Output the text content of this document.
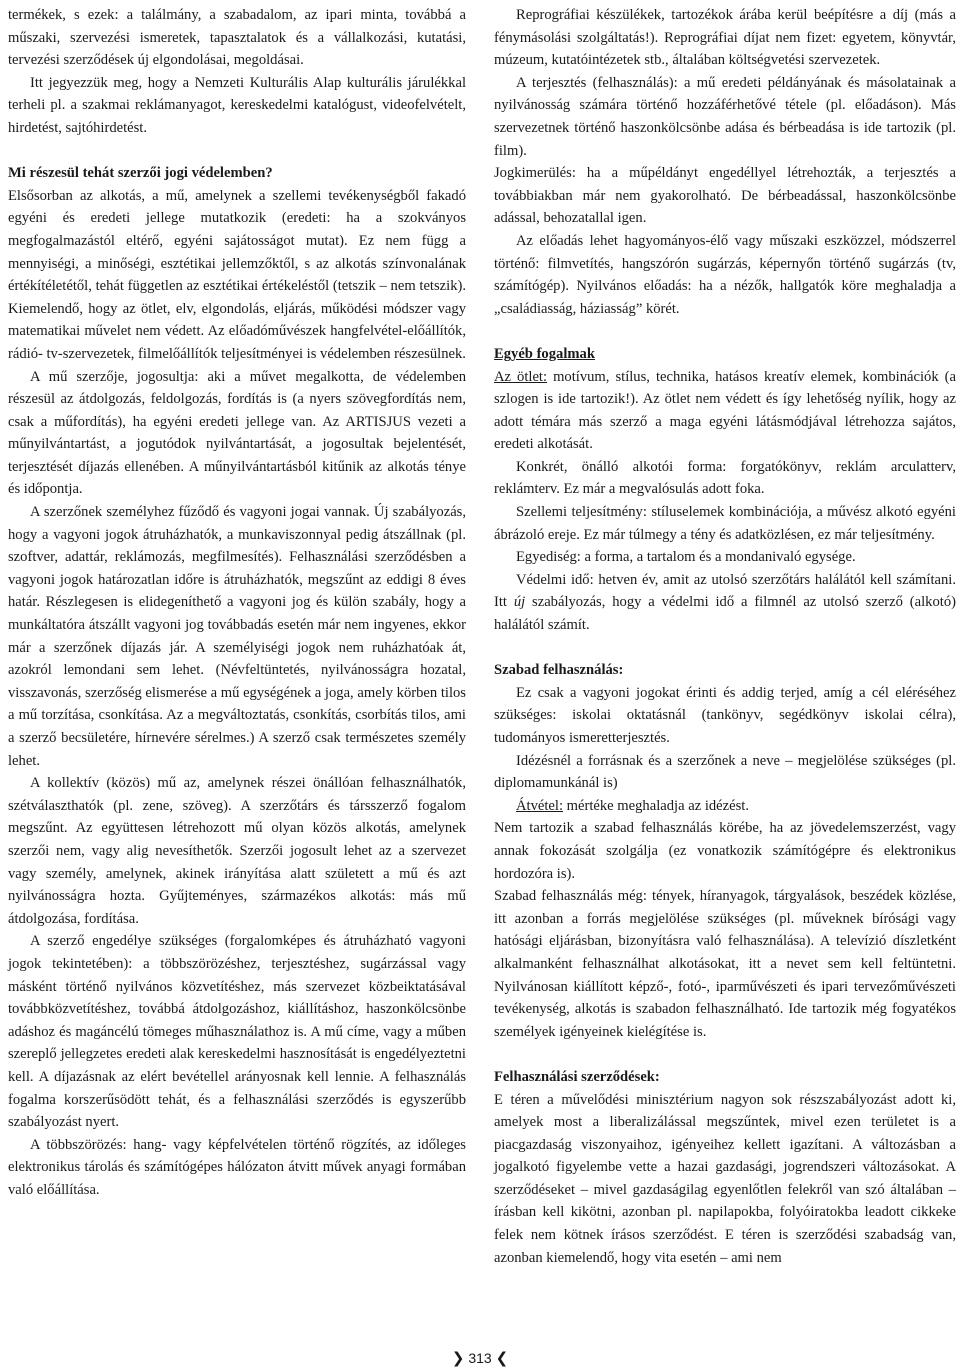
termékek, s ezek: a találmány, a szabadalom, az ipari minta, továbbá a műszaki, szervezési ismeretek, tapasztalatok és a vállalkozási, kutatási, tervezési szerződések új elgondolásai, megoldásai.

Itt jegyezzük meg, hogy a Nemzeti Kulturális Alap kulturális járulékkal terheli pl. a szakmai reklámanyagot, kereskedelmi katalógust, videofelvételt, hirdetést, sajtóhirdetést.

Mi részesül tehát szerzői jogi védelemben?

Elsősorban az alkotás, a mű, amelynek a szellemi tevékenységből fakadó egyéni és eredeti jellege mutatkozik (eredeti: ha a szokványos megfogalmazástól eltérő, egyéni sajátosságot mutat). Ez nem függ a mennyiségi, a minőségi, esztétikai jellemzőktől, s az alkotás színvonalának értékítéletétől, tehát független az esztétikai értékeléstől (tetszik – nem tetszik). Kiemelendő, hogy az ötlet, elv, elgondolás, eljárás, működési módszer vagy matematikai művelet nem védett. Az előadóművészek hangfelvétel-előállítók, rádió- tv-szervezetek, filmelőállítók teljesítményei is védelemben részesülnek.

A mű szerzője, jogosultja: aki a művet megalkotta, de védelemben részesül az átdolgozás, feldolgozás, fordítás is (a nyers szövegfordítás nem, csak a műfordítás), ha egyéni eredeti jellege van. Az ARTISJUS vezeti a műnyilvántartást, a jogutódok nyilvántartását, a jogosultak bejelentését, terjesztését díjazás ellenében. A műnyilvántartásból kitűnik az alkotás ténye és időpontja.

A szerzőnek személyhez fűződő és vagyoni jogai vannak. Új szabályozás, hogy a vagyoni jogok átruházhatók, a munkaviszonnyal pedig átszállnak (pl. szoftver, adattár, reklámozás, megfilmesítés). Felhasználási szerződésben a vagyoni jogok határozatlan időre is átruházhatók, megszűnt az eddigi 8 éves határ. Részlegesen is elidegeníthető a vagyoni jog és külön szabály, hogy a munkáltatóra átszállt vagyoni jog továbbadás esetén már nem ingyenes, ekkor már a szerzőnek díjazás jár. A személyiségi jogok nem ruházhatóak át, azokról lemondani sem lehet. (Névfeltüntetés, nyilvánosságra hozatal, visszavonás, szerzőség elismerése a mű egységének a joga, amely körben tilos a mű torzítása, csonkítása. Az a megváltoztatás, csonkítás, csorbítás tilos, ami a szerző becsületére, hírnevére sérelmes.) A szerző csak természetes személy lehet.

A kollektív (közös) mű az, amelynek részei önállóan felhasználhatók, szétválaszthatók (pl. zene, szöveg). A szerzőtárs és társszerző fogalom megszűnt. Az együttesen létrehozott mű olyan közös alkotás, amelynek szerzői nem, vagy alig nevesíthetők. Szerzői jogosult lehet az a szervezet vagy személy, amelynek, akinek irányítása alatt született a mű és azt nyilvánosságra hozta. Gyűjteményes, származékos alkotás: más mű átdolgozása, fordítása.

A szerző engedélye szükséges (forgalomképes és átruházható vagyoni jogok tekintetében): a többszörözéshez, terjesztéshez, sugárzással vagy másként történő nyilvános közvetítéshez, más szervezet közbeiktatásával továbbközvetítéshez, továbbá átdolgozáshoz, kiállításhoz, haszonkölcsönbe adáshoz és magáncélú tömeges műhasználathoz is. A mű címe, vagy a műben szereplő jellegzetes eredeti alak kereskedelmi hasznosítását is engedélyeztetni kell. A díjazásnak az elért bevétellel arányosnak kell lennie. A felhasználás fogalma korszerűsödött tehát, és a felhasználási szerződés is egyszerűbb szabályozást nyert.

A többszörözés: hang- vagy képfelvételen történő rögzítés, az időleges elektronikus tárolás és számítógépes hálózaton átvitt művek anyagi formában való előállítása.

Reprográfiai készülékek, tartozékok árába kerül beépítésre a díj (más a fénymásolási szolgáltatás!). Reprográfiai díjat nem fizet: egyetem, könyvtár, múzeum, kutatóintézetek stb., általában költségvetési szervezetek.

A terjesztés (felhasználás): a mű eredeti példányának és másolatainak a nyilvánosság számára történő hozzáférhetővé tétele (pl. előadáson). Más szervezetnek történő haszonkölcsönbe adása és bérbeadása is ide tartozik (pl. film).

Jogkimerülés: ha a műpéldányt engedéllyel létrehozták, a terjesztés a továbbiakban már nem gyakorolható. De bérbeadással, haszonkölcsönbe adással, behozatallal igen.

Az előadás lehet hagyományos-élő vagy műszaki eszközzel, módszerrel történő: filmvetítés, hangszórón sugárzás, képernyőn történő sugárzás (tv, számítógép). Nyilvános előadás: ha a nézők, hallgatók köre meghaladja a „családiasság, háziasság” körét.

Egyéb fogalmak

Az ötlet: motívum, stílus, technika, hatásos kreatív elemek, kombinációk (a szlogen is ide tartozik!). Az ötlet nem védett és így lehetőség nyílik, hogy az adott témára más szerző a maga egyéni látásmódjával létrehozza sajátos, eredeti alkotását.

Konkrét, önálló alkotói forma: forgatókönyv, reklám arculatterv, reklámterv. Ez már a megvalósulás adott foka.

Szellemi teljesítmény: stíluselemek kombinációja, a művész alkotó egyéni ábrázoló ereje. Ez már túlmegy a tény és adatközlésen, ez már teljesítmény.

Egyediség: a forma, a tartalom és a mondanivaló egysége.

Védelmi idő: hetven év, amit az utolsó szerzőtárs halálától kell számítani. Itt új szabályozás, hogy a védelmi idő a filmnél az utolsó szerző (alkotó) halálától számít.

Szabad felhasználás:

Ez csak a vagyoni jogokat érinti és addig terjed, amíg a cél eléréséhez szükséges: iskolai oktatásnál (tankönyv, segédkönyv iskolai célra), tudományos ismeretterjesztés.

Idézésnél a forrásnak és a szerzőnek a neve – megjelölése szükséges (pl. diplomamunkánál is)

Átvétel: mértéke meghaladja az idézést.

Nem tartozik a szabad felhasználás körébe, ha az jövedelemszerzést, vagy annak fokozását szolgálja (ez vonatkozik számítógépre és elektronikus hordozóra is).

Szabad felhasználás még: tények, híranyagok, tárgyalások, beszédek közlése, itt azonban a forrás megjelölése szükséges (pl. műveknek bírósági vagy hatósági eljárásban, bizonyításra való felhasználása). A televízió díszletként alkalmanként felhasználhat alkotásokat, itt a nevet sem kell feltüntetni. Nyilvánosan kiállított képző-, fotó-, iparművészeti és ipari tervezőművészeti tevékenység, alkotás is szabadon felhasználható. Ide tartozik még fogyatékos személyek igényeinek kielégítése is.

Felhasználási szerződések:

E téren a művelődési minisztérium nagyon sok részszabályozást adott ki, amelyek most a liberalizálással megszűntek, mivel ezen területet is a piacgazdaság viszonyaihoz, igényeihez kellett igazítani. A változásban a jogalkotó figyelembe vette a hazai gazdasági, jogrendszeri változásokat. A szerződéseket – mivel gazdaságilag egyenlőtlen felekről van szó általában – írásban kell kikötni, azonban pl. napilapokba, folyóiratokba leadott cikkeke felek nem kötnek írásos szerződést. E téren is szerződési szabadság van, azonban kiemelendő, hogy vita esetén – ami nem

❯ 313 ❮
